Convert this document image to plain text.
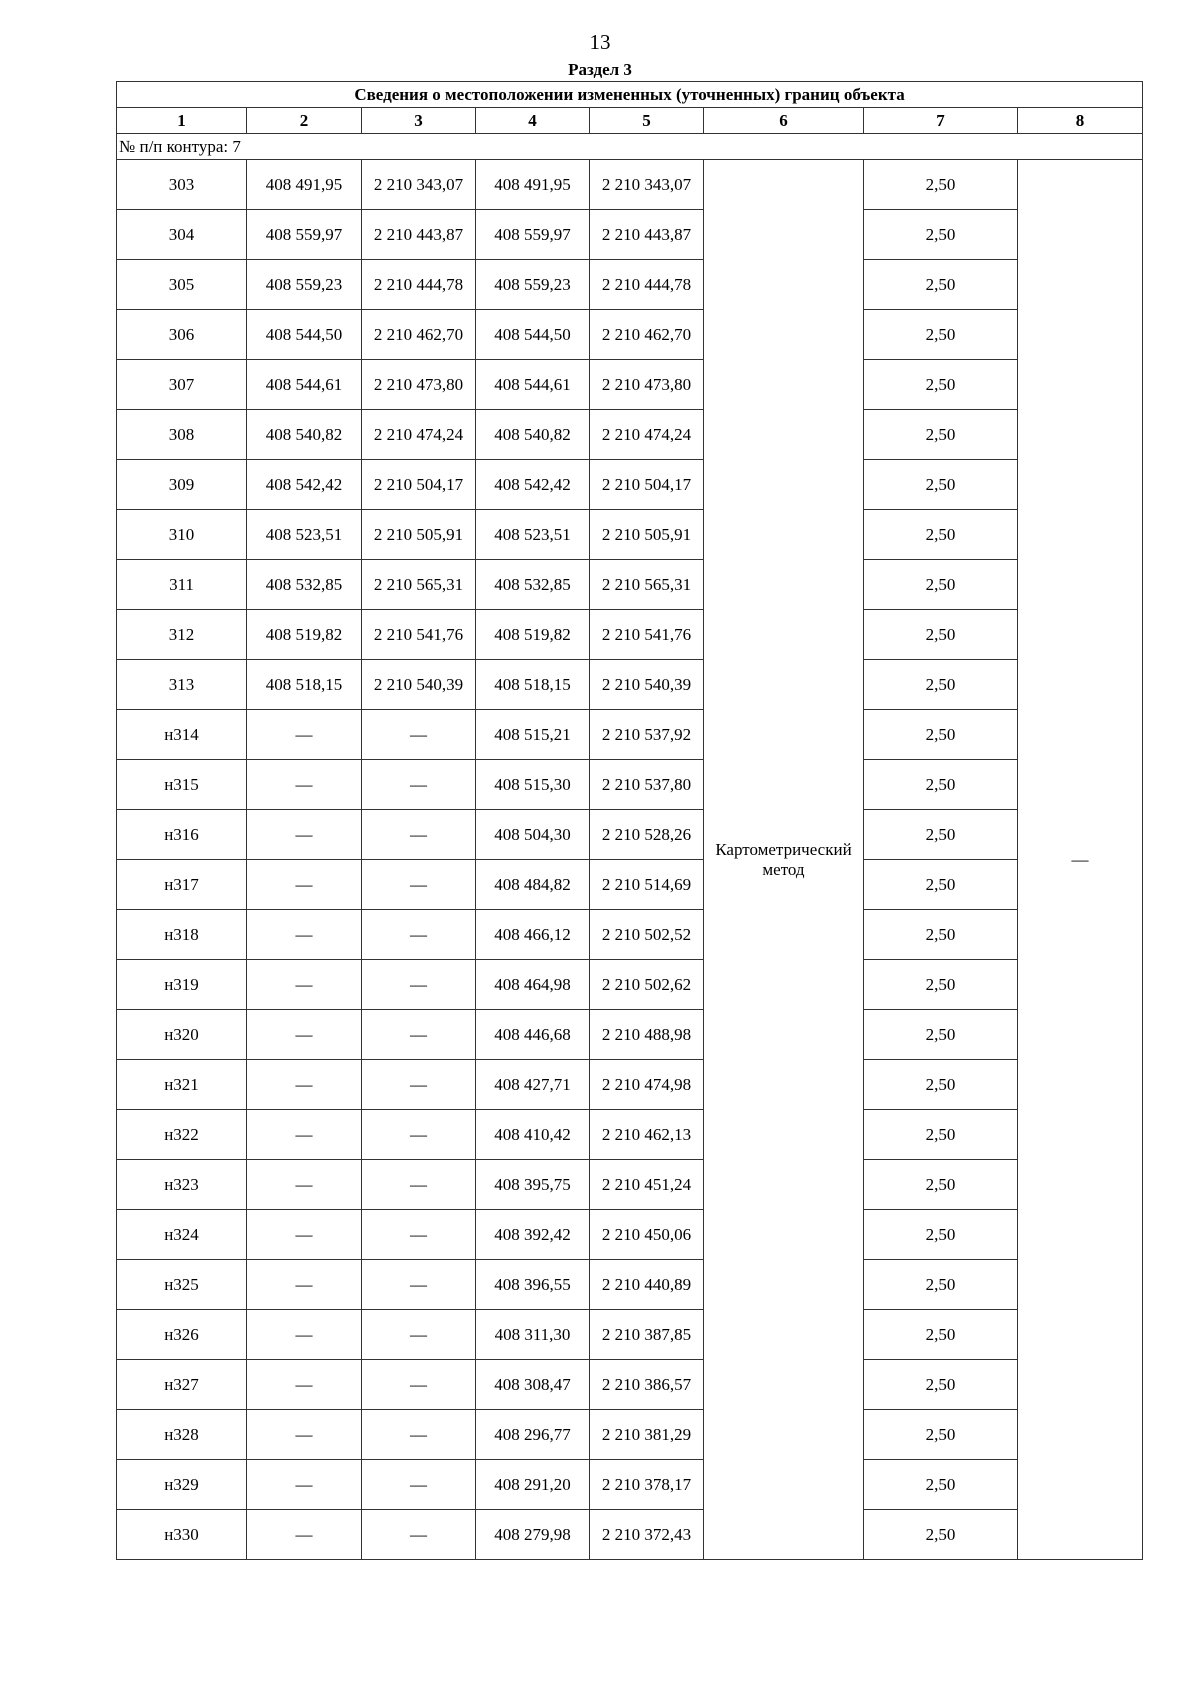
13
Раздел 3
Сведения о местоположении измененных (уточненных) границ объекта							
1	2	3	4	5	6	7	8
№ п/п контура: 7							
303	408 491,95	2 210 343,07	408 491,95	2 210 343,07	Картометрический метод	2,50	—
304	408 559,97	2 210 443,87	408 559,97	2 210 443,87		2,50	
305	408 559,23	2 210 444,78	408 559,23	2 210 444,78		2,50	
306	408 544,50	2 210 462,70	408 544,50	2 210 462,70		2,50	
307	408 544,61	2 210 473,80	408 544,61	2 210 473,80		2,50	
308	408 540,82	2 210 474,24	408 540,82	2 210 474,24		2,50	
309	408 542,42	2 210 504,17	408 542,42	2 210 504,17		2,50	
310	408 523,51	2 210 505,91	408 523,51	2 210 505,91		2,50	
311	408 532,85	2 210 565,31	408 532,85	2 210 565,31		2,50	
312	408 519,82	2 210 541,76	408 519,82	2 210 541,76		2,50	
313	408 518,15	2 210 540,39	408 518,15	2 210 540,39		2,50	
н314	—	—	408 515,21	2 210 537,92		2,50	
н315	—	—	408 515,30	2 210 537,80		2,50	
н316	—	—	408 504,30	2 210 528,26		2,50	
н317	—	—	408 484,82	2 210 514,69		2,50	
н318	—	—	408 466,12	2 210 502,52		2,50	
н319	—	—	408 464,98	2 210 502,62		2,50	
н320	—	—	408 446,68	2 210 488,98		2,50	
н321	—	—	408 427,71	2 210 474,98		2,50	
н322	—	—	408 410,42	2 210 462,13		2,50	
н323	—	—	408 395,75	2 210 451,24		2,50	
н324	—	—	408 392,42	2 210 450,06		2,50	
н325	—	—	408 396,55	2 210 440,89		2,50	
н326	—	—	408 311,30	2 210 387,85		2,50	
н327	—	—	408 308,47	2 210 386,57		2,50	
н328	—	—	408 296,77	2 210 381,29		2,50	
н329	—	—	408 291,20	2 210 378,17		2,50	
н330	—	—	408 279,98	2 210 372,43		2,50	
